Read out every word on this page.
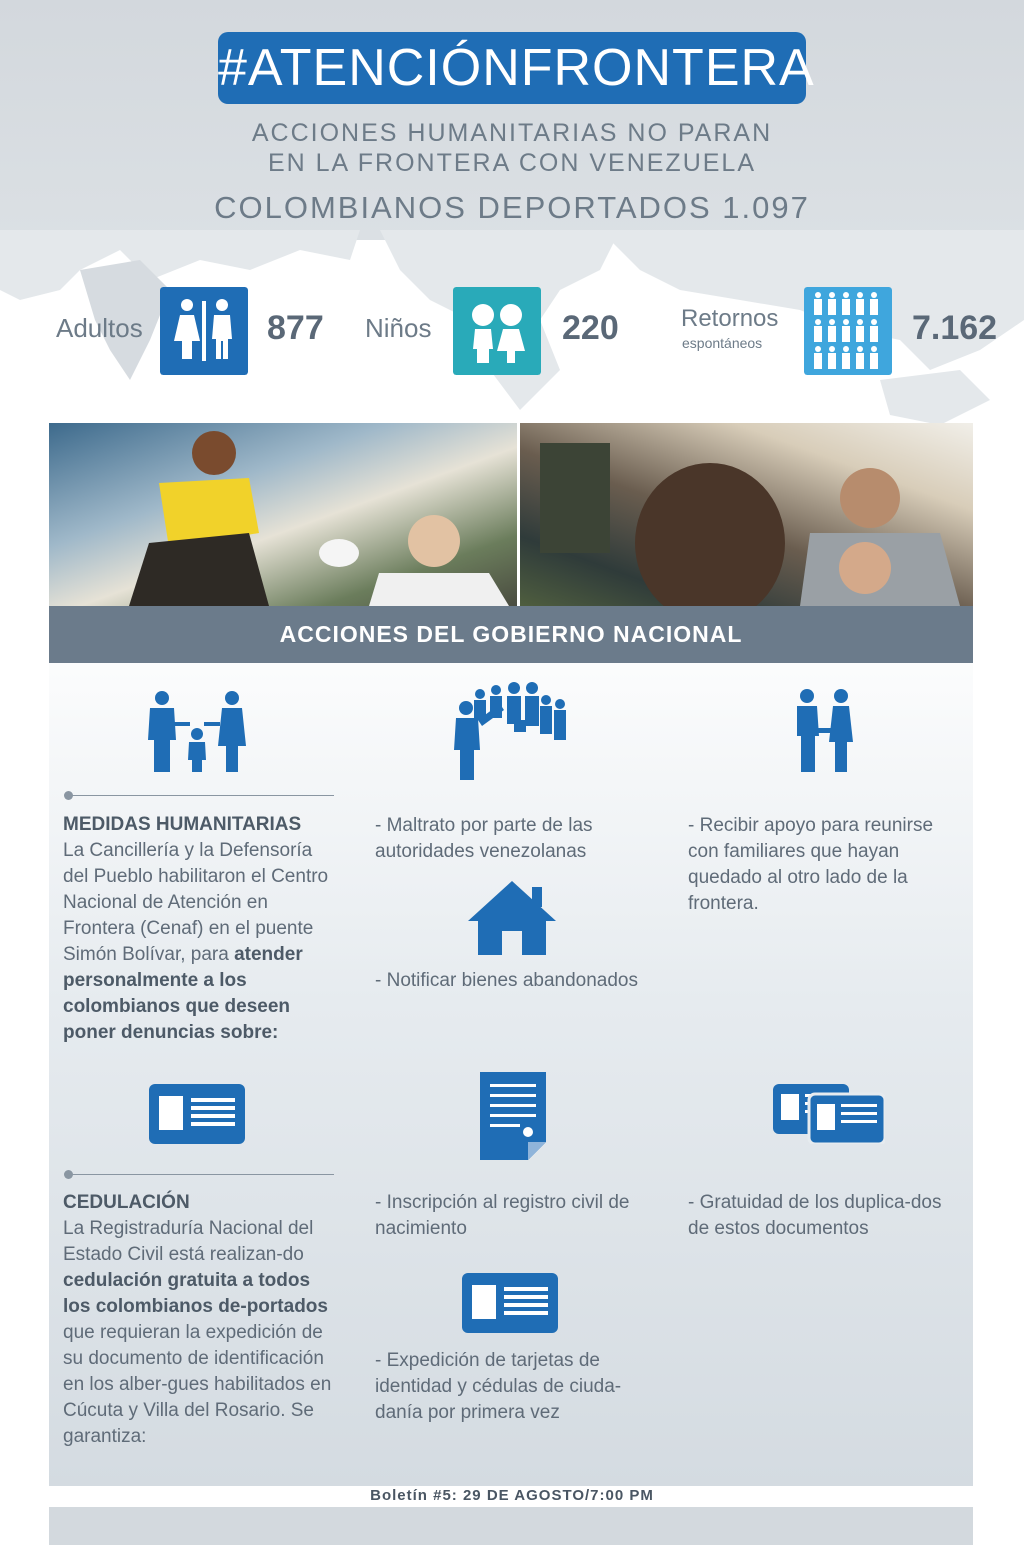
#ATENCIÓNFRONTERA
ACCIONES HUMANITARIAS NO PARAN
EN LA FRONTERA CON VENEZUELA
COLOMBIANOS DEPORTADOS 1.097
Adultos	877 Niños	220	Retornos
espontáneos	7.162
ACCIONES DEL GOBIERNO NACIONAL
MEDIDAS HUMANITARIAS
La Cancillería y la Defensoría del Pueblo habilitaron el Centro Nacional de Atención en Frontera (Cenaf) en el puente Simón Bolívar, para atender personalmente a los colombianos que deseen poner denuncias sobre:
- Maltrato por parte de las autoridades venezolanas
- Notificar bienes abandonados
- Recibir apoyo para reunirse con familiares que hayan quedado al otro lado de la frontera.
CEDULACIÓN
La Registraduría Nacional del Estado Civil está realizan-do cedulación gratuita a todos los colombianos de-portados que requieran la expedición de su documento de identificación en los alber-gues habilitados en Cúcuta y Villa del Rosario. Se garantiza:
- Inscripción al registro civil de nacimiento
- Expedición de tarjetas de identidad y cédulas de ciuda-danía por primera vez
- Gratuidad de los duplica-dos de estos documentos
Boletín #5: 29 DE AGOSTO/7:00 PM
